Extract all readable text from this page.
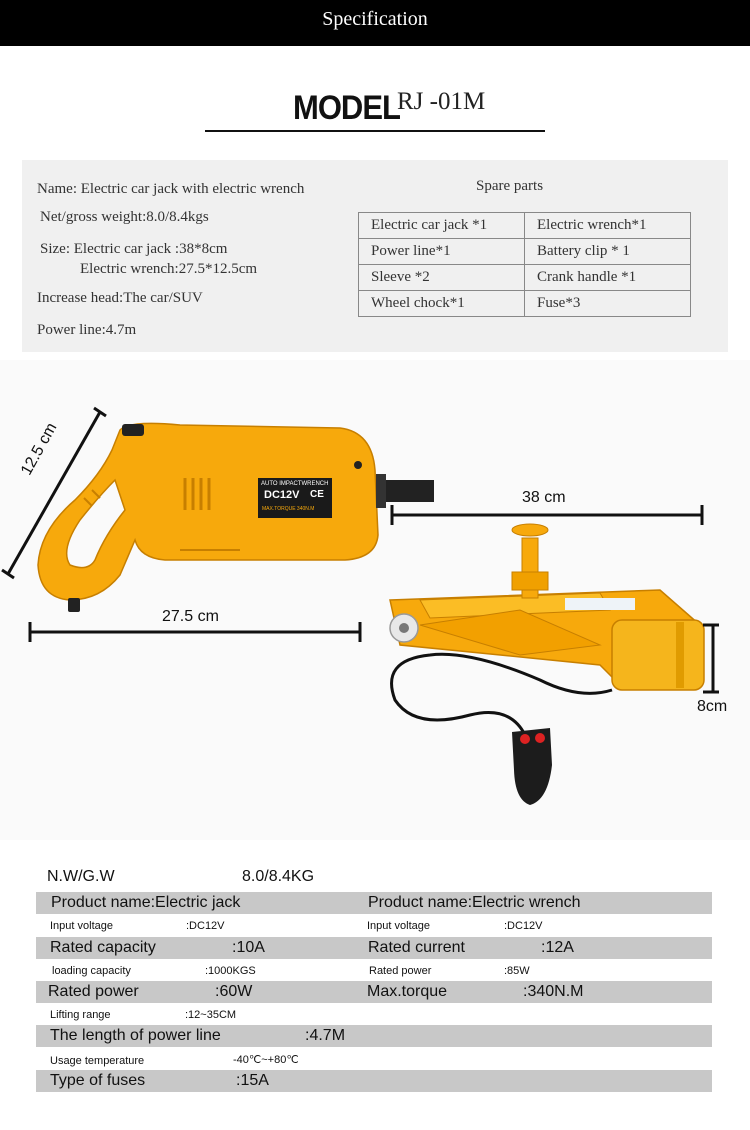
Specification
MODEL
RJ -01M
Name: Electric car jack with electric wrench
Net/gross weight:8.0/8.4kgs
Size: Electric car jack :38*8cm
Electric wrench:27.5*12.5cm
Increase head:The car/SUV
Power line:4.7m
Spare parts
Electric car jack *1	Electric wrench*1
Power line*1	Battery clip * 1
Sleeve *2	Crank handle *1
Wheel chock*1	Fuse*3
AUTO IMPACTWRENCH
DC12V CE
MAX.TORQUE 340N.M
12.5 cm
27.5 cm
38 cm
8cm
N.W/G.W	8.0/8.4KG
Product name:Electric jack	Product name:Electric wrench
Input voltage	:DC12V	Input voltage	:DC12V
Rated capacity	:10A	Rated current	:12A
loading capacity	:1000KGS	Rated power	:85W
Rated power	:60W	Max.torque	:340N.M
Lifting range	:12~35CM
The length of power line	:4.7M
Usage temperature	-40℃~+80℃
Type of fuses	:15A
